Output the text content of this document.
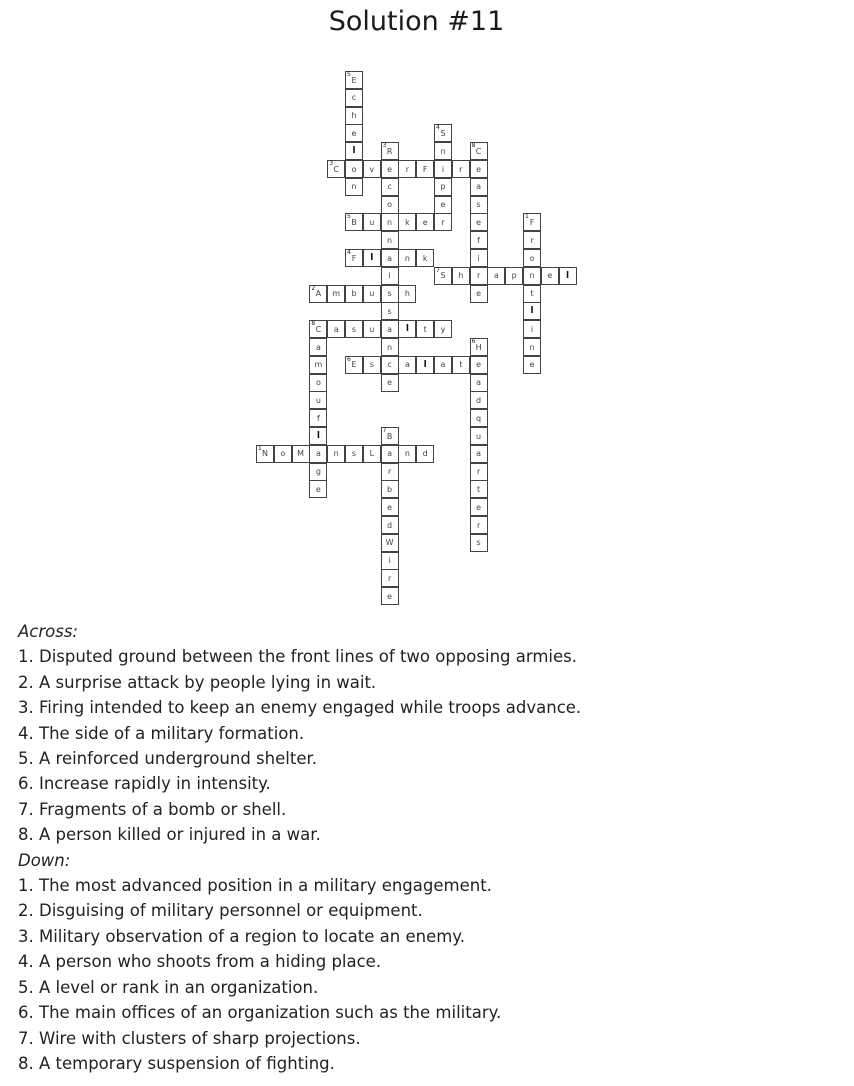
Solution #11
1
N o M a n s L a n d
2
A m b u s h
3
C o v e r F i r e
4
F l a n k
5
B u n k e r
6
E s c a l a t e
7
S h r a p n e l
8
C a s u a l t y
1
F
r
o
t
l
i
n
e
a
m
o
u
f
l
g
e
3
R
c
o
n
i
s
n
e
4
S
n
p
e
5
E
c
h
e
l
n
6
H
a
d
q
u
a
r
t
e
r
s
7
B
r
b
e
d
W
i
r
e
8
C
a
s
e
f
i
e
Across:
1. Disputed ground between the front lines of two opposing armies.
2. A surprise attack by people lying in wait.
3. Firing intended to keep an enemy engaged while troops advance.
4. The side of a military formation.
5. A reinforced underground shelter.
6. Increase rapidly in intensity.
7. Fragments of a bomb or shell.
8. A person killed or injured in a war.
Down:
1. The most advanced position in a military engagement.
2. Disguising of military personnel or equipment.
3. Military observation of a region to locate an enemy.
4. A person who shoots from a hiding place.
5. A level or rank in an organization.
6. The main offices of an organization such as the military.
7. Wire with clusters of sharp projections.
8. A temporary suspension of fighting.
